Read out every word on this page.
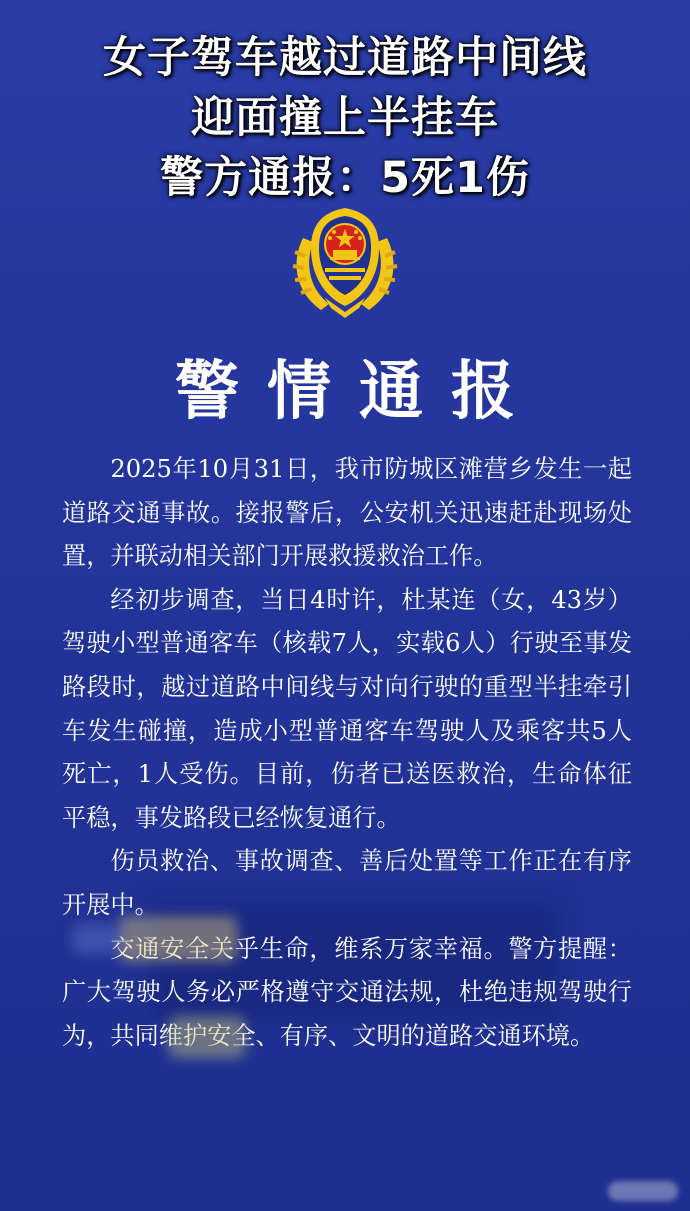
女子驾车越过道路中间线
迎面撞上半挂车
警方通报：5死1伤
警情通报

2025年10月31日，我市防城区滩营乡发生一起道路交通事故。接报警后，公安机关迅速赶赴现场处置，并联动相关部门开展救援救治工作。

经初步调查，当日4时许，杜某连（女，43岁）驾驶小型普通客车（核载7人，实载6人）行驶至事发路段时，越过道路中间线与对向行驶的重型半挂牵引车发生碰撞，造成小型普通客车驾驶人及乘客共5人死亡，1人受伤。目前，伤者已送医救治，生命体征平稳，事发路段已经恢复通行。

伤员救治、事故调查、善后处置等工作正在有序开展中。

交通安全关乎生命，维系万家幸福。警方提醒：广大驾驶人务必严格遵守交通法规，杜绝违规驾驶行为，共同维护安全、有序、文明的道路交通环境。
